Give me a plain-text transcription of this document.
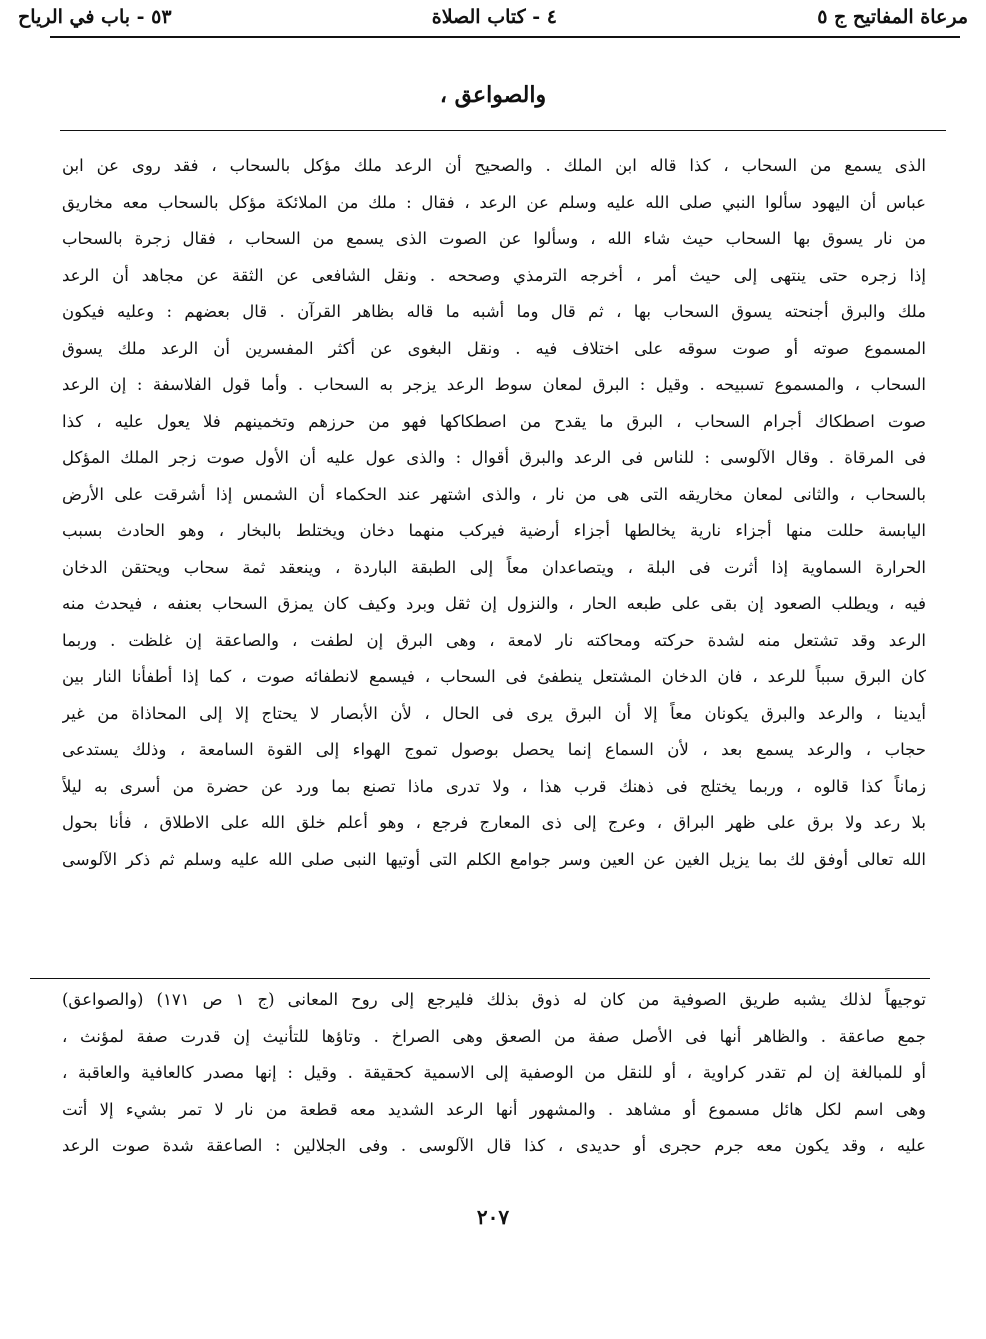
مرعاة المفاتيح ج ٥
٤ - كتاب الصلاة
٥٣ - باب في الرياح
والصواعق ،
الذى يسمع من السحاب ، كذا قاله ابن الملك . والصحيح أن الرعد ملك مؤكل بالسحاب ، فقد روى عن ابن
عباس أن اليهود سألوا النبي صلى الله عليه وسلم عن الرعد ، فقال : ملك من الملائكة مؤكل بالسحاب معه مخاريق
من نار يسوق بها السحاب حيث شاء الله ، وسألوا عن الصوت الذى يسمع من السحاب ، فقال زجرة بالسحاب
إذا زجره حتى ينتهى إلى حيث أمر ، أخرجه الترمذي وصححه . ونقل الشافعى عن الثقة عن مجاهد أن الرعد
ملك والبرق أجنحته يسوق السحاب بها ، ثم قال وما أشبه ما قاله بظاهر القرآن . قال بعضهم : وعليه فيكون
المسموع صوته أو صوت سوقه على اختلاف فيه . ونقل البغوى عن أكثر المفسرين أن الرعد ملك يسوق
السحاب ، والمسموع تسبيحه . وقيل : البرق لمعان سوط الرعد يزجر به السحاب . وأما قول الفلاسفة : إن الرعد
صوت اصطكاك أجرام السحاب ، البرق ما يقدح من اصطكاكها فهو من حرزهم وتخمينهم فلا يعول عليه ، كذا
فى المرقاة . وقال الآلوسى : للناس فى الرعد والبرق أقوال : والذى عول عليه أن الأول صوت زجر الملك المؤكل
بالسحاب ، والثانى لمعان مخاريقه التى هى من نار ، والذى اشتهر عند الحكماء أن الشمس إذا أشرقت على الأرض
اليابسة حللت منها أجزاء نارية يخالطها أجزاء أرضية فيركب منهما دخان ويختلط بالبخار ، وهو الحادث بسبب
الحرارة السماوية إذا أثرت فى البلة ، ويتصاعدان معاً إلى الطبقة الباردة ، وينعقد ثمة سحاب ويحتقن الدخان
فيه ، ويطلب الصعود إن بقى على طبعه الحار ، والنزول إن ثقل وبرد وكيف كان يمزق السحاب بعنفه ، فيحدث منه
الرعد وقد تشتعل منه لشدة حركته ومحاكته نار لامعة ، وهى البرق إن لطفت ، والصاعقة إن غلظت . وربما
كان البرق سبباً للرعد ، فان الدخان المشتعل ينطفئ فى السحاب ، فيسمع لانطفائه صوت ، كما إذا أطفأنا النار بين
أيدينا ، والرعد والبرق يكونان معاً إلا أن البرق يرى فى الحال ، لأن الأبصار لا يحتاج إلا إلى المحاذاة من غير
حجاب ، والرعد يسمع بعد ، لأن السماع إنما يحصل بوصول تموج الهواء إلى القوة السامعة ، وذلك يستدعى
زماناً كذا قالوه ، وربما يختلج فى ذهنك قرب هذا ، ولا تدرى ماذا تصنع بما ورد عن حضرة من أسرى به ليلاً
بلا رعد ولا برق على ظهر البراق ، وعرج إلى ذى المعارج فرجع ، وهو أعلم خلق الله على الاطلاق ، فأنا بحول
الله تعالى أوفق لك بما يزيل الغين عن العين وسر جوامع الكلم التى أوتيها النبى صلى الله عليه وسلم ثم ذكر الآلوسى
توجيهاً لذلك يشبه طريق الصوفية من كان له ذوق بذلك فليرجع إلى روح المعانى (ج ١ ص ١٧١) (والصواعق)
جمع صاعقة . والظاهر أنها فى الأصل صفة من الصعق وهى الصراخ . وتاؤها للتأنيث إن قدرت صفة لمؤنث ،
أو للمبالغة إن لم تقدر كراوية ، أو للنقل من الوصفية إلى الاسمية كحقيقة . وقيل : إنها مصدر كالعافية والعاقبة ،
وهى اسم لكل هائل مسموع أو مشاهد . والمشهور أنها الرعد الشديد معه قطعة من نار لا تمر بشيء إلا أتت
عليه ، وقد يكون معه جرم حجرى أو حديدى ، كذا قال الآلوسى . وفى الجلالين : الصاعقة شدة صوت الرعد
٢٠٧
